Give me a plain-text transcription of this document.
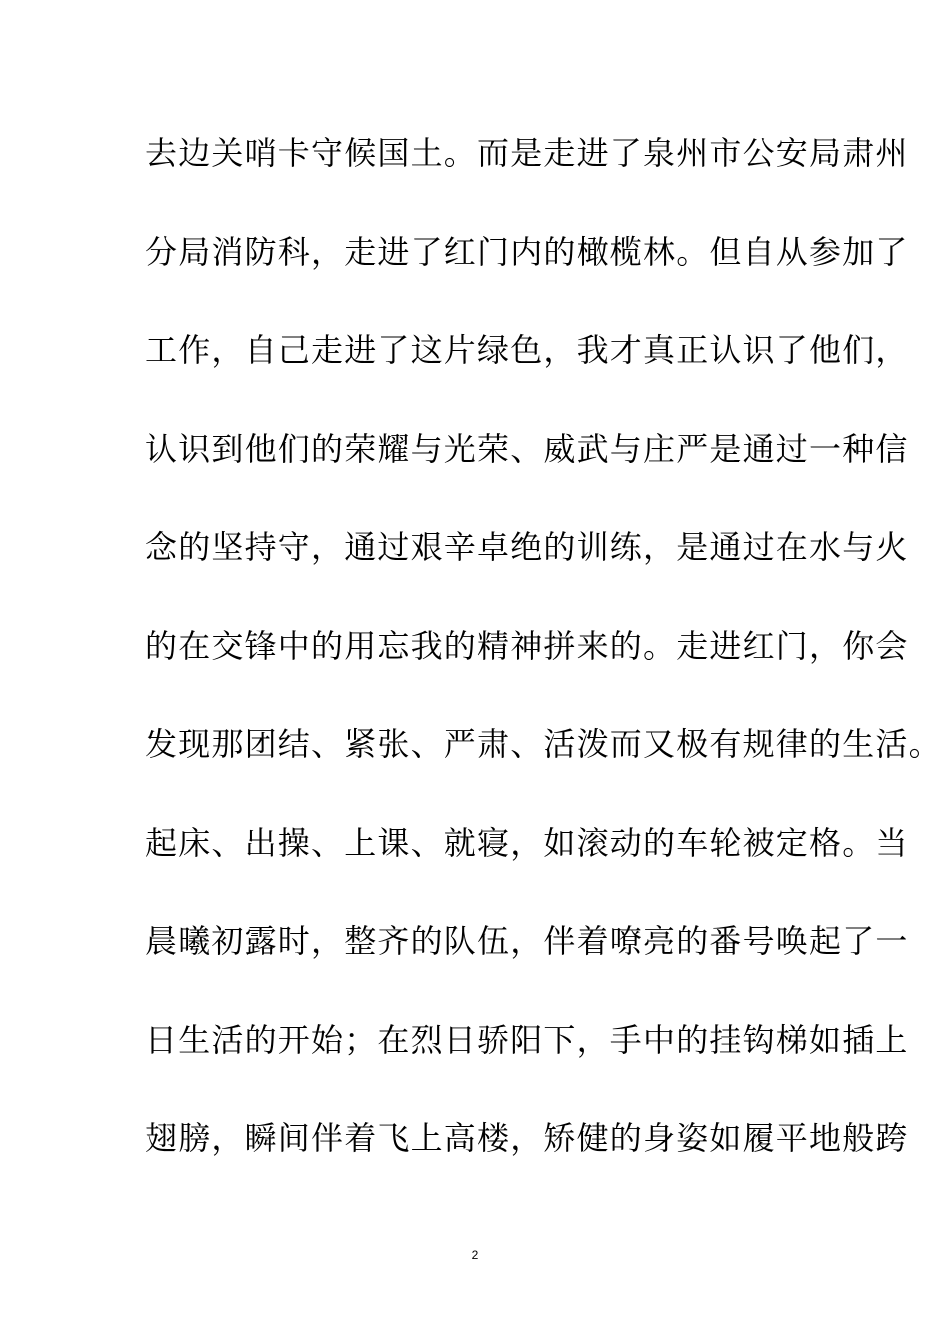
去边关哨卡守候国土。而是走进了泉州市公安局肃州
分局消防科，走进了红门内的橄榄林。但自从参加了
工作，自己走进了这片绿色，我才真正认识了他们，
认识到他们的荣耀与光荣、威武与庄严是通过一种信
念的坚持守，通过艰辛卓绝的训练，是通过在水与火
的在交锋中的用忘我的精神拼来的。走进红门，你会
发现那团结、紧张、严肃、活泼而又极有规律的生活。
起床、出操、上课、就寝，如滚动的车轮被定格。当
晨曦初露时，整齐的队伍，伴着嘹亮的番号唤起了一
日生活的开始；在烈日骄阳下，手中的挂钩梯如插上
翅膀，瞬间伴着飞上高楼，矫健的身姿如履平地般跨
2
